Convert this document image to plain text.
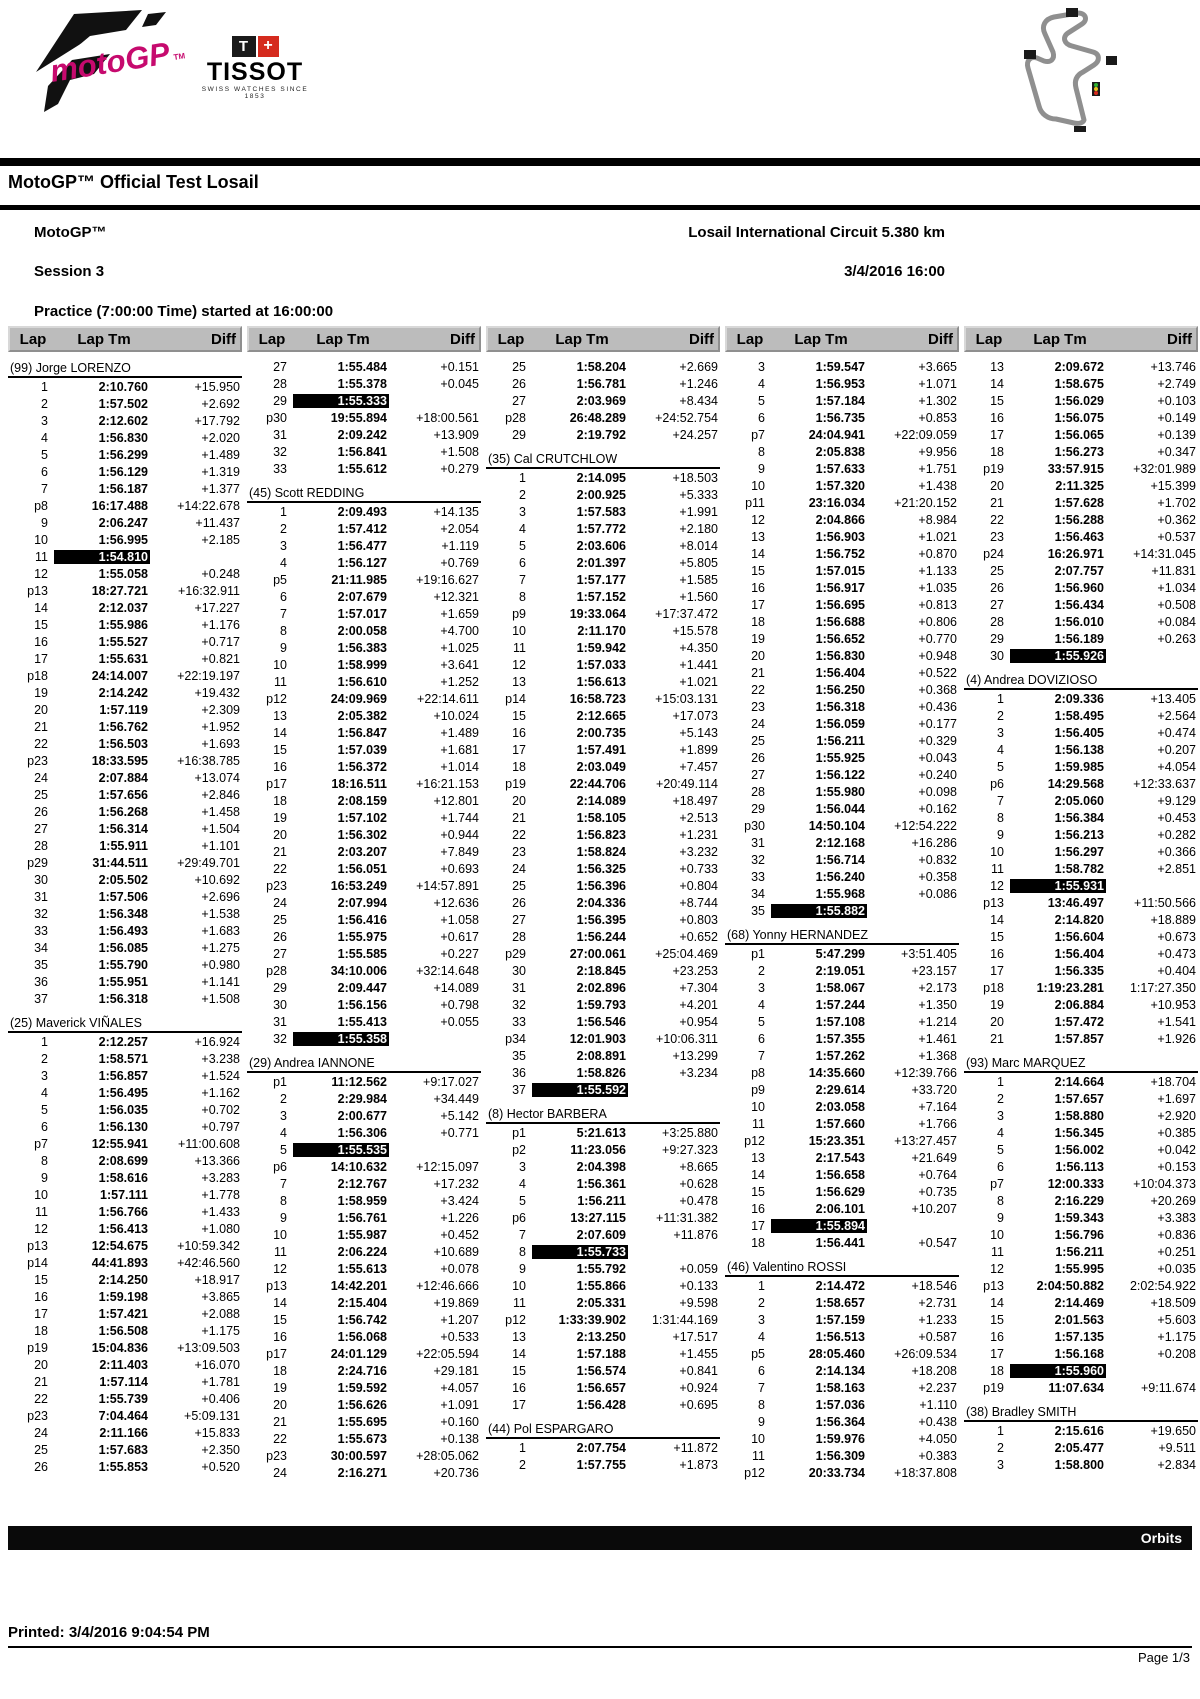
motoGP TM
T +
TISSOT
SWISS WATCHES SINCE 1853
MotoGP™ Official Test Losail
MotoGP™	Losail International Circuit 5.380 km
Session 3	3/4/2016 16:00
Practice (7:00:00 Time) started at 16:00:00
Lap	Lap Tm	Diff
(99) Jorge LORENZO
1	2:10.760	+15.950
2	1:57.502	+2.692
3	2:12.602	+17.792
4	1:56.830	+2.020
5	1:56.299	+1.489
6	1:56.129	+1.319
7	1:56.187	+1.377
p8	16:17.488	+14:22.678
9	2:06.247	+11.437
10	1:56.995	+2.185
11	1:54.810
12	1:55.058	+0.248
p13	18:27.721	+16:32.911
14	2:12.037	+17.227
15	1:55.986	+1.176
16	1:55.527	+0.717
17	1:55.631	+0.821
p18	24:14.007	+22:19.197
19	2:14.242	+19.432
20	1:57.119	+2.309
21	1:56.762	+1.952
22	1:56.503	+1.693
p23	18:33.595	+16:38.785
24	2:07.884	+13.074
25	1:57.656	+2.846
26	1:56.268	+1.458
27	1:56.314	+1.504
28	1:55.911	+1.101
p29	31:44.511	+29:49.701
30	2:05.502	+10.692
31	1:57.506	+2.696
32	1:56.348	+1.538
33	1:56.493	+1.683
34	1:56.085	+1.275
35	1:55.790	+0.980
36	1:55.951	+1.141
37	1:56.318	+1.508
(25) Maverick VIÑALES
1	2:12.257	+16.924
2	1:58.571	+3.238
3	1:56.857	+1.524
4	1:56.495	+1.162
5	1:56.035	+0.702
6	1:56.130	+0.797
p7	12:55.941	+11:00.608
8	2:08.699	+13.366
9	1:58.616	+3.283
10	1:57.111	+1.778
11	1:56.766	+1.433
12	1:56.413	+1.080
p13	12:54.675	+10:59.342
p14	44:41.893	+42:46.560
15	2:14.250	+18.917
16	1:59.198	+3.865
17	1:57.421	+2.088
18	1:56.508	+1.175
p19	15:04.836	+13:09.503
20	2:11.403	+16.070
21	1:57.114	+1.781
22	1:55.739	+0.406
p23	7:04.464	+5:09.131
24	2:11.166	+15.833
25	1:57.683	+2.350
26	1:55.853	+0.520
Lap	Lap Tm	Diff
27	1:55.484	+0.151
28	1:55.378	+0.045
29	1:55.333
p30	19:55.894	+18:00.561
31	2:09.242	+13.909
32	1:56.841	+1.508
33	1:55.612	+0.279
(45) Scott REDDING
1	2:09.493	+14.135
2	1:57.412	+2.054
3	1:56.477	+1.119
4	1:56.127	+0.769
p5	21:11.985	+19:16.627
6	2:07.679	+12.321
7	1:57.017	+1.659
8	2:00.058	+4.700
9	1:56.383	+1.025
10	1:58.999	+3.641
11	1:56.610	+1.252
p12	24:09.969	+22:14.611
13	2:05.382	+10.024
14	1:56.847	+1.489
15	1:57.039	+1.681
16	1:56.372	+1.014
p17	18:16.511	+16:21.153
18	2:08.159	+12.801
19	1:57.102	+1.744
20	1:56.302	+0.944
21	2:03.207	+7.849
22	1:56.051	+0.693
p23	16:53.249	+14:57.891
24	2:07.994	+12.636
25	1:56.416	+1.058
26	1:55.975	+0.617
27	1:55.585	+0.227
p28	34:10.006	+32:14.648
29	2:09.447	+14.089
30	1:56.156	+0.798
31	1:55.413	+0.055
32	1:55.358
(29) Andrea IANNONE
p1	11:12.562	+9:17.027
2	2:29.984	+34.449
3	2:00.677	+5.142
4	1:56.306	+0.771
5	1:55.535
p6	14:10.632	+12:15.097
7	2:12.767	+17.232
8	1:58.959	+3.424
9	1:56.761	+1.226
10	1:55.987	+0.452
11	2:06.224	+10.689
12	1:55.613	+0.078
p13	14:42.201	+12:46.666
14	2:15.404	+19.869
15	1:56.742	+1.207
16	1:56.068	+0.533
p17	24:01.129	+22:05.594
18	2:24.716	+29.181
19	1:59.592	+4.057
20	1:56.626	+1.091
21	1:55.695	+0.160
22	1:55.673	+0.138
p23	30:00.597	+28:05.062
24	2:16.271	+20.736
Lap	Lap Tm	Diff
25	1:58.204	+2.669
26	1:56.781	+1.246
27	2:03.969	+8.434
p28	26:48.289	+24:52.754
29	2:19.792	+24.257
(35) Cal CRUTCHLOW
1	2:14.095	+18.503
2	2:00.925	+5.333
3	1:57.583	+1.991
4	1:57.772	+2.180
5	2:03.606	+8.014
6	2:01.397	+5.805
7	1:57.177	+1.585
8	1:57.152	+1.560
p9	19:33.064	+17:37.472
10	2:11.170	+15.578
11	1:59.942	+4.350
12	1:57.033	+1.441
13	1:56.613	+1.021
p14	16:58.723	+15:03.131
15	2:12.665	+17.073
16	2:00.735	+5.143
17	1:57.491	+1.899
18	2:03.049	+7.457
p19	22:44.706	+20:49.114
20	2:14.089	+18.497
21	1:58.105	+2.513
22	1:56.823	+1.231
23	1:58.824	+3.232
24	1:56.325	+0.733
25	1:56.396	+0.804
26	2:04.336	+8.744
27	1:56.395	+0.803
28	1:56.244	+0.652
p29	27:00.061	+25:04.469
30	2:18.845	+23.253
31	2:02.896	+7.304
32	1:59.793	+4.201
33	1:56.546	+0.954
p34	12:01.903	+10:06.311
35	2:08.891	+13.299
36	1:58.826	+3.234
37	1:55.592
(8) Hector BARBERA
p1	5:21.613	+3:25.880
p2	11:23.056	+9:27.323
3	2:04.398	+8.665
4	1:56.361	+0.628
5	1:56.211	+0.478
p6	13:27.115	+11:31.382
7	2:07.609	+11.876
8	1:55.733
9	1:55.792	+0.059
10	1:55.866	+0.133
11	2:05.331	+9.598
p12	1:33:39.902	1:31:44.169
13	2:13.250	+17.517
14	1:57.188	+1.455
15	1:56.574	+0.841
16	1:56.657	+0.924
17	1:56.428	+0.695
(44) Pol ESPARGARO
1	2:07.754	+11.872
2	1:57.755	+1.873
Lap	Lap Tm	Diff
3	1:59.547	+3.665
4	1:56.953	+1.071
5	1:57.184	+1.302
6	1:56.735	+0.853
p7	24:04.941	+22:09.059
8	2:05.838	+9.956
9	1:57.633	+1.751
10	1:57.320	+1.438
p11	23:16.034	+21:20.152
12	2:04.866	+8.984
13	1:56.903	+1.021
14	1:56.752	+0.870
15	1:57.015	+1.133
16	1:56.917	+1.035
17	1:56.695	+0.813
18	1:56.688	+0.806
19	1:56.652	+0.770
20	1:56.830	+0.948
21	1:56.404	+0.522
22	1:56.250	+0.368
23	1:56.318	+0.436
24	1:56.059	+0.177
25	1:56.211	+0.329
26	1:55.925	+0.043
27	1:56.122	+0.240
28	1:55.980	+0.098
29	1:56.044	+0.162
p30	14:50.104	+12:54.222
31	2:12.168	+16.286
32	1:56.714	+0.832
33	1:56.240	+0.358
34	1:55.968	+0.086
35	1:55.882
(68) Yonny HERNANDEZ
p1	5:47.299	+3:51.405
2	2:19.051	+23.157
3	1:58.067	+2.173
4	1:57.244	+1.350
5	1:57.108	+1.214
6	1:57.355	+1.461
7	1:57.262	+1.368
p8	14:35.660	+12:39.766
p9	2:29.614	+33.720
10	2:03.058	+7.164
11	1:57.660	+1.766
p12	15:23.351	+13:27.457
13	2:17.543	+21.649
14	1:56.658	+0.764
15	1:56.629	+0.735
16	2:06.101	+10.207
17	1:55.894
18	1:56.441	+0.547
(46) Valentino ROSSI
1	2:14.472	+18.546
2	1:58.657	+2.731
3	1:57.159	+1.233
4	1:56.513	+0.587
p5	28:05.460	+26:09.534
6	2:14.134	+18.208
7	1:58.163	+2.237
8	1:57.036	+1.110
9	1:56.364	+0.438
10	1:59.976	+4.050
11	1:56.309	+0.383
p12	20:33.734	+18:37.808
Lap	Lap Tm	Diff
13	2:09.672	+13.746
14	1:58.675	+2.749
15	1:56.029	+0.103
16	1:56.075	+0.149
17	1:56.065	+0.139
18	1:56.273	+0.347
p19	33:57.915	+32:01.989
20	2:11.325	+15.399
21	1:57.628	+1.702
22	1:56.288	+0.362
23	1:56.463	+0.537
p24	16:26.971	+14:31.045
25	2:07.757	+11.831
26	1:56.960	+1.034
27	1:56.434	+0.508
28	1:56.010	+0.084
29	1:56.189	+0.263
30	1:55.926
(4) Andrea DOVIZIOSO
1	2:09.336	+13.405
2	1:58.495	+2.564
3	1:56.405	+0.474
4	1:56.138	+0.207
5	1:59.985	+4.054
p6	14:29.568	+12:33.637
7	2:05.060	+9.129
8	1:56.384	+0.453
9	1:56.213	+0.282
10	1:56.297	+0.366
11	1:58.782	+2.851
12	1:55.931
p13	13:46.497	+11:50.566
14	2:14.820	+18.889
15	1:56.604	+0.673
16	1:56.404	+0.473
17	1:56.335	+0.404
p18	1:19:23.281	1:17:27.350
19	2:06.884	+10.953
20	1:57.472	+1.541
21	1:57.857	+1.926
(93) Marc MARQUEZ
1	2:14.664	+18.704
2	1:57.657	+1.697
3	1:58.880	+2.920
4	1:56.345	+0.385
5	1:56.002	+0.042
6	1:56.113	+0.153
p7	12:00.333	+10:04.373
8	2:16.229	+20.269
9	1:59.343	+3.383
10	1:56.796	+0.836
11	1:56.211	+0.251
12	1:55.995	+0.035
p13	2:04:50.882	2:02:54.922
14	2:14.469	+18.509
15	2:01.563	+5.603
16	1:57.135	+1.175
17	1:56.168	+0.208
18	1:55.960
p19	11:07.634	+9:11.674
(38) Bradley SMITH
1	2:15.616	+19.650
2	2:05.477	+9.511
3	1:58.800	+2.834
Orbits
Printed: 3/4/2016 9:04:54 PM
Page 1/3
